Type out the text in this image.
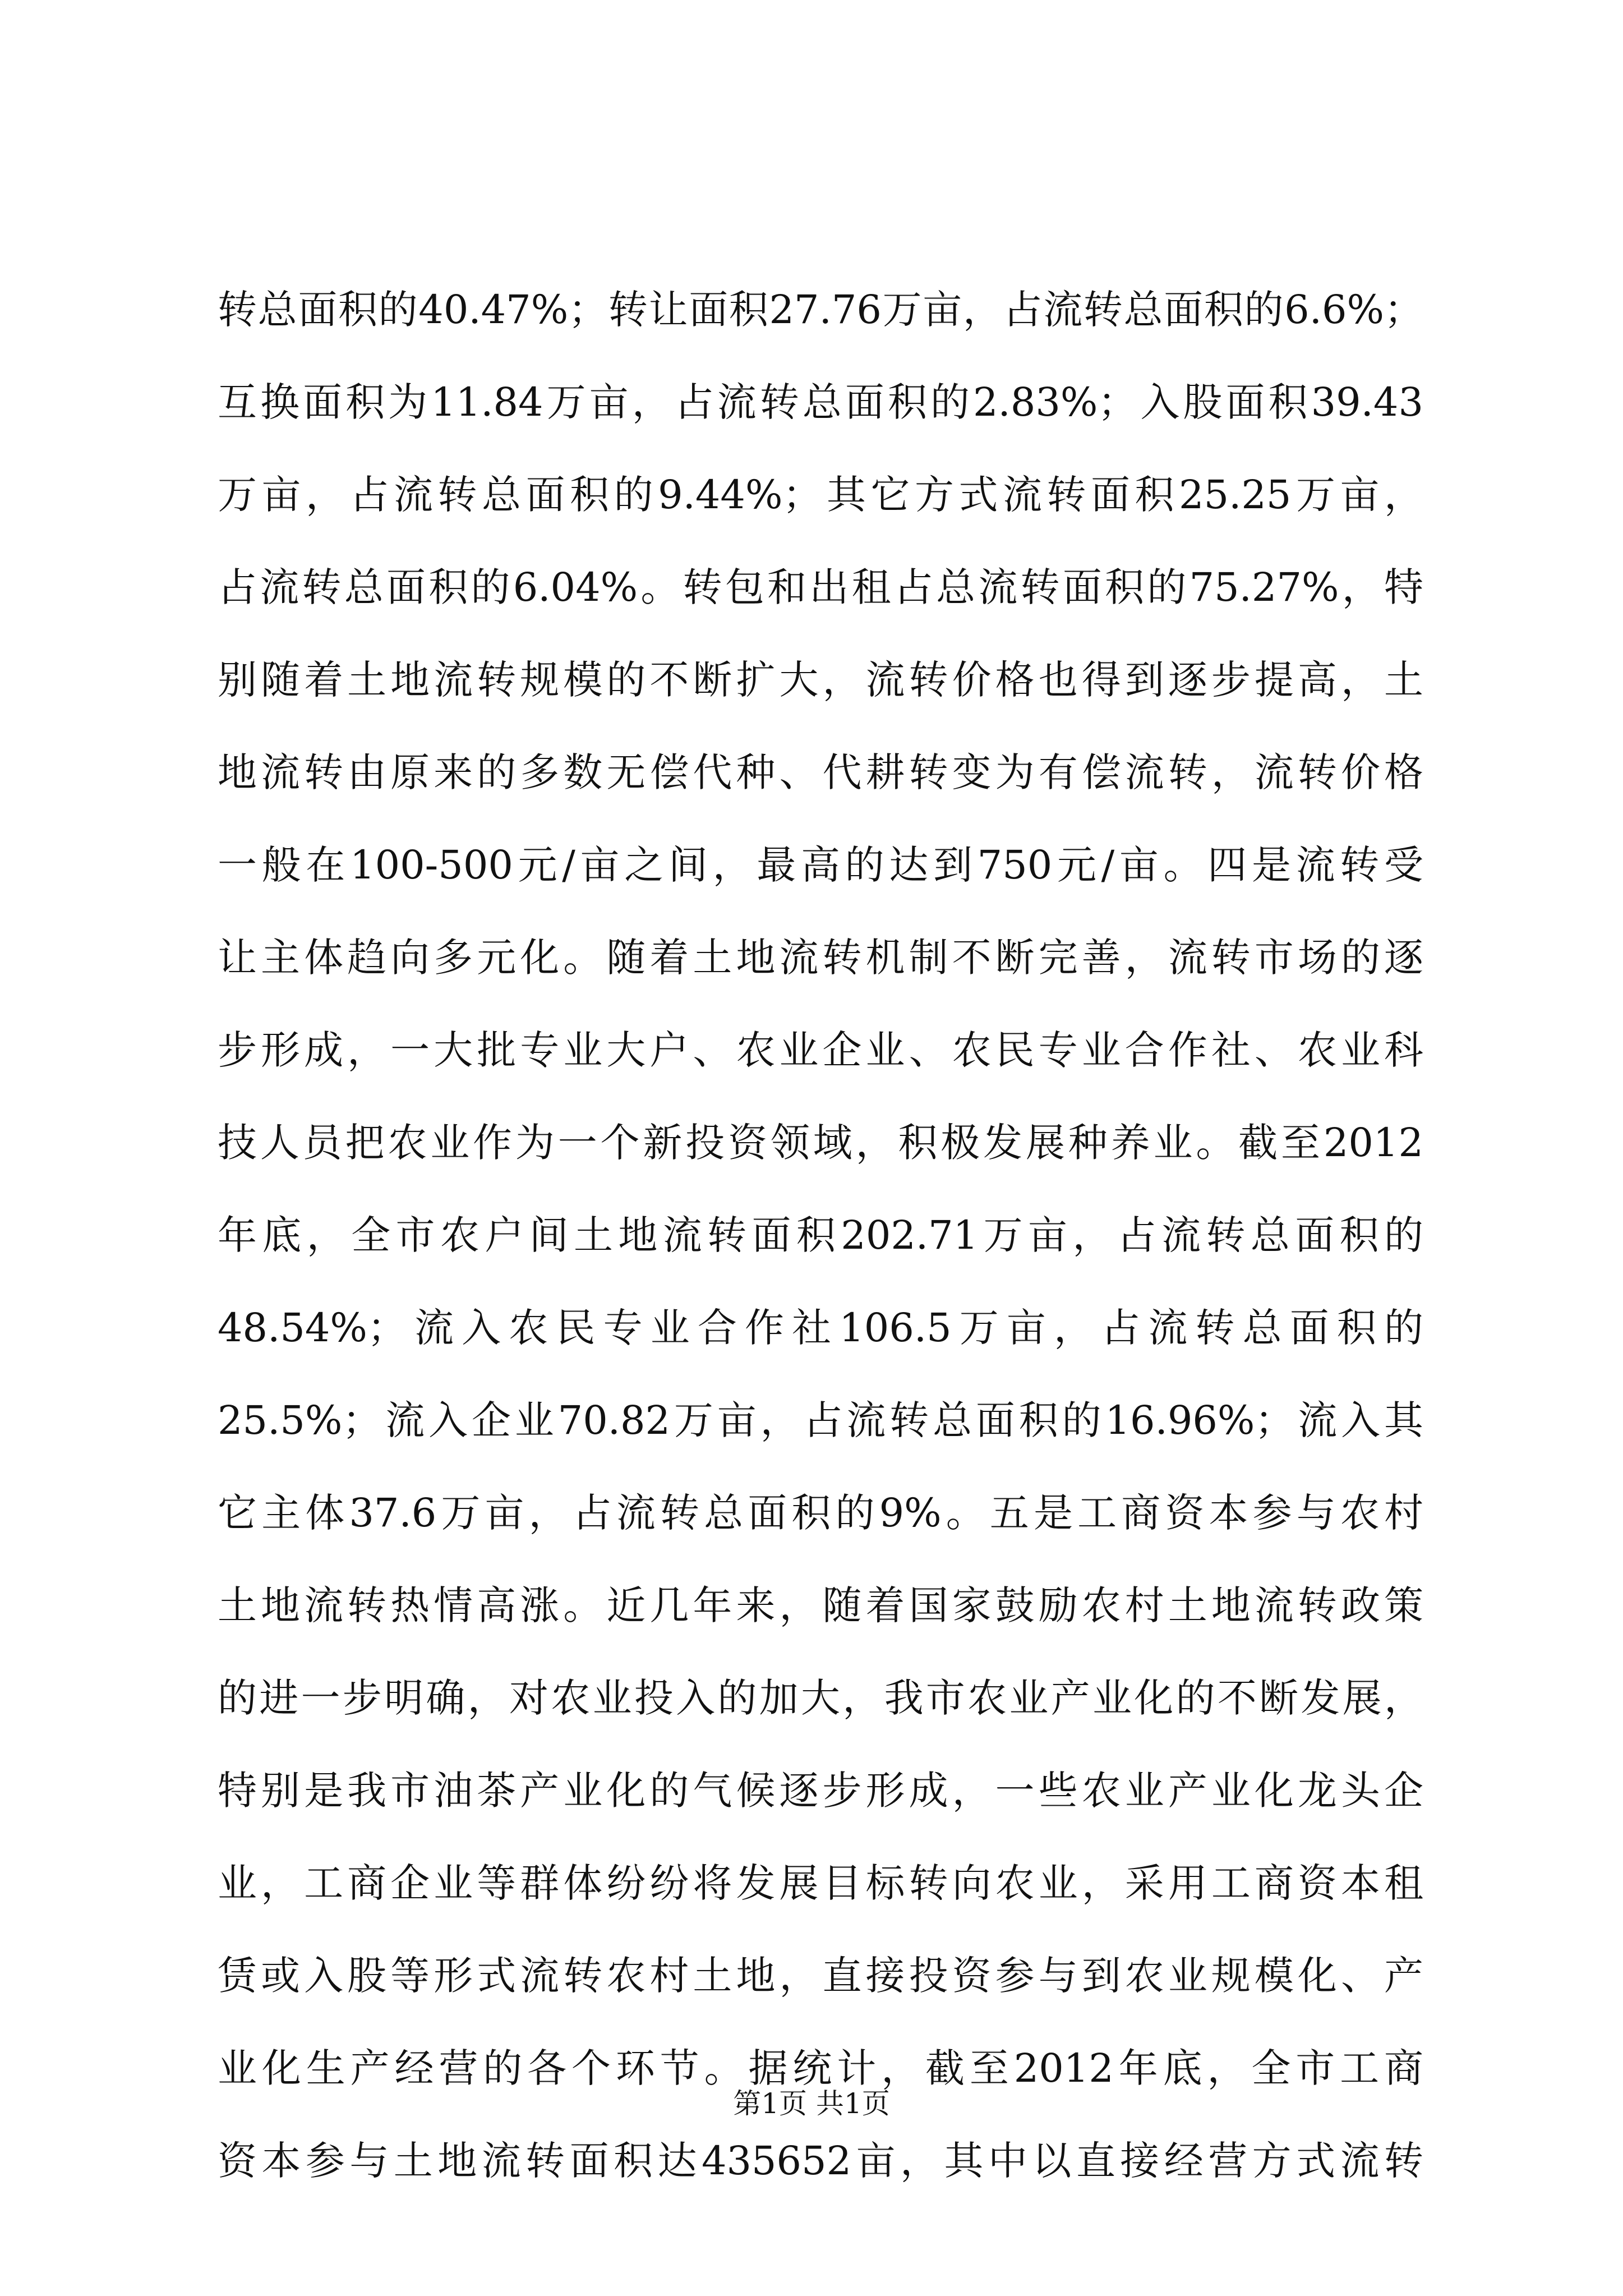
转总面积的40.47%；转让面积27.76万亩，占流转总面积的6.6%；
互换面积为11.84万亩，占流转总面积的2.83%；入股面积39.43
万亩，占流转总面积的9.44%；其它方式流转面积25.25万亩，
占流转总面积的6.04%。转包和出租占总流转面积的75.27%，特
别随着土地流转规模的不断扩大，流转价格也得到逐步提高，土
地流转由原来的多数无偿代种、代耕转变为有偿流转，流转价格
一般在100-500元/亩之间，最高的达到750元/亩。四是流转受
让主体趋向多元化。随着土地流转机制不断完善，流转市场的逐
步形成，一大批专业大户、农业企业、农民专业合作社、农业科
技人员把农业作为一个新投资领域，积极发展种养业。截至2012
年底，全市农户间土地流转面积202.71万亩，占流转总面积的
48.54%；流入农民专业合作社106.5万亩，占流转总面积的
25.5%；流入企业70.82万亩，占流转总面积的16.96%；流入其
它主体37.6万亩，占流转总面积的9%。五是工商资本参与农村
土地流转热情高涨。近几年来，随着国家鼓励农村土地流转政策
的进一步明确，对农业投入的加大，我市农业产业化的不断发展，
特别是我市油茶产业化的气候逐步形成，一些农业产业化龙头企
业，工商企业等群体纷纷将发展目标转向农业，采用工商资本租
赁或入股等形式流转农村土地，直接投资参与到农业规模化、产
业化生产经营的各个环节。据统计，截至2012年底，全市工商
资本参与土地流转面积达435652亩，其中以直接经营方式流转
第1页 共1页
